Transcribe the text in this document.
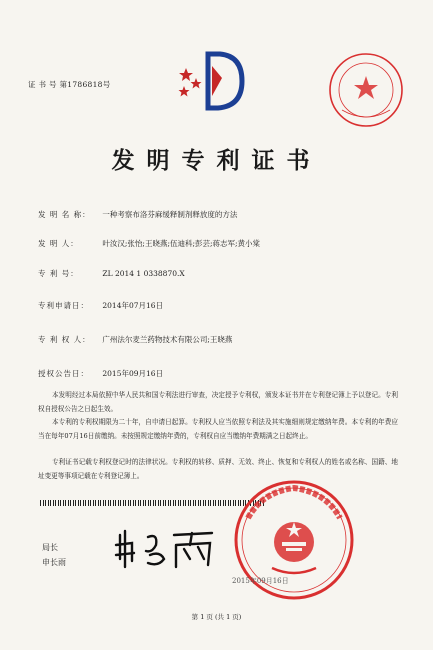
证 书 号 第1786818号
发明专利证书
发 明 名 称： 一种考察布洛芬麻缓释制剂释放度的方法
发 明 人：	叶汝汉;张怡;王晓燕;伍迪科;彭芸;蒋志军;黄小棠
专 利 号：	ZL 2014 1 0338870.X
专利申请日： 2014年07月16日
专 利 权 人： 广州法尔麦兰药物技术有限公司;王晓燕
授权公告日： 2015年09月16日
本发明经过本局依照中华人民共和国专利法进行审查，决定授予专利权，颁发本证书并在专利登记簿上予以登记。专利权自授权公告之日起生效。
本专利的专利权期限为二十年，自申请日起算。专利权人应当依照专利法及其实施细则规定缴纳年费。本专利的年费应当在每年07月16日前缴纳。未按照规定缴纳年费的，专利权自应当缴纳年费期满之日起终止。
专利证书记载专利权登记时的法律状况。专利权的转移、质押、无效、终止、恢复和专利权人的姓名或名称、国籍、地址变更等事项记载在专利登记簿上。
局长
申长雨
2015年09月16日
第 1 页 (共 1 页)
